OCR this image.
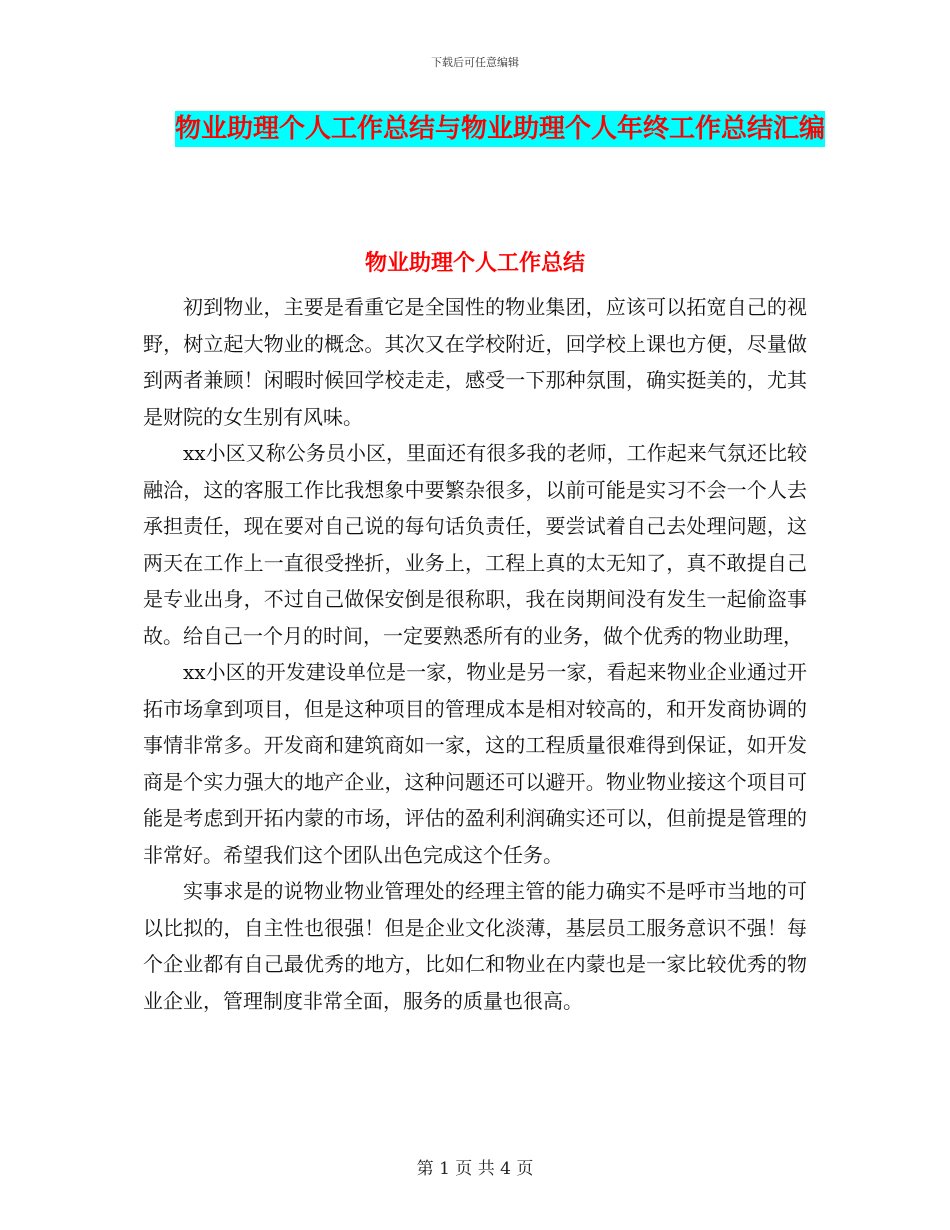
下载后可任意编辑
物业助理个人工作总结与物业助理个人年终工作总结汇编
物业助理个人工作总结

初到物业，主要是看重它是全国性的物业集团，应该可以拓宽自己的视野，树立起大物业的概念。其次又在学校附近，回学校上课也方便，尽量做到两者兼顾！闲暇时候回学校走走，感受一下那种氛围，确实挺美的，尤其是财院的女生别有风味。

xx小区又称公务员小区，里面还有很多我的老师，工作起来气氛还比较融洽，这的客服工作比我想象中要繁杂很多，以前可能是实习不会一个人去承担责任，现在要对自己说的每句话负责任，要尝试着自己去处理问题，这两天在工作上一直很受挫折，业务上，工程上真的太无知了，真不敢提自己是专业出身，不过自己做保安倒是很称职，我在岗期间没有发生一起偷盗事故。给自己一个月的时间，一定要熟悉所有的业务，做个优秀的物业助理，

xx小区的开发建设单位是一家，物业是另一家，看起来物业企业通过开拓市场拿到项目，但是这种项目的管理成本是相对较高的，和开发商协调的事情非常多。开发商和建筑商如一家，这的工程质量很难得到保证，如开发商是个实力强大的地产企业，这种问题还可以避开。物业物业接这个项目可能是考虑到开拓内蒙的市场，评估的盈利利润确实还可以，但前提是管理的非常好。希望我们这个团队出色完成这个任务。

实事求是的说物业物业管理处的经理主管的能力确实不是呼市当地的可以比拟的，自主性也很强！但是企业文化淡薄，基层员工服务意识不强！每个企业都有自己最优秀的地方，比如仁和物业在内蒙也是一家比较优秀的物业企业，管理制度非常全面，服务的质量也很高。

第 1 页 共 4 页
